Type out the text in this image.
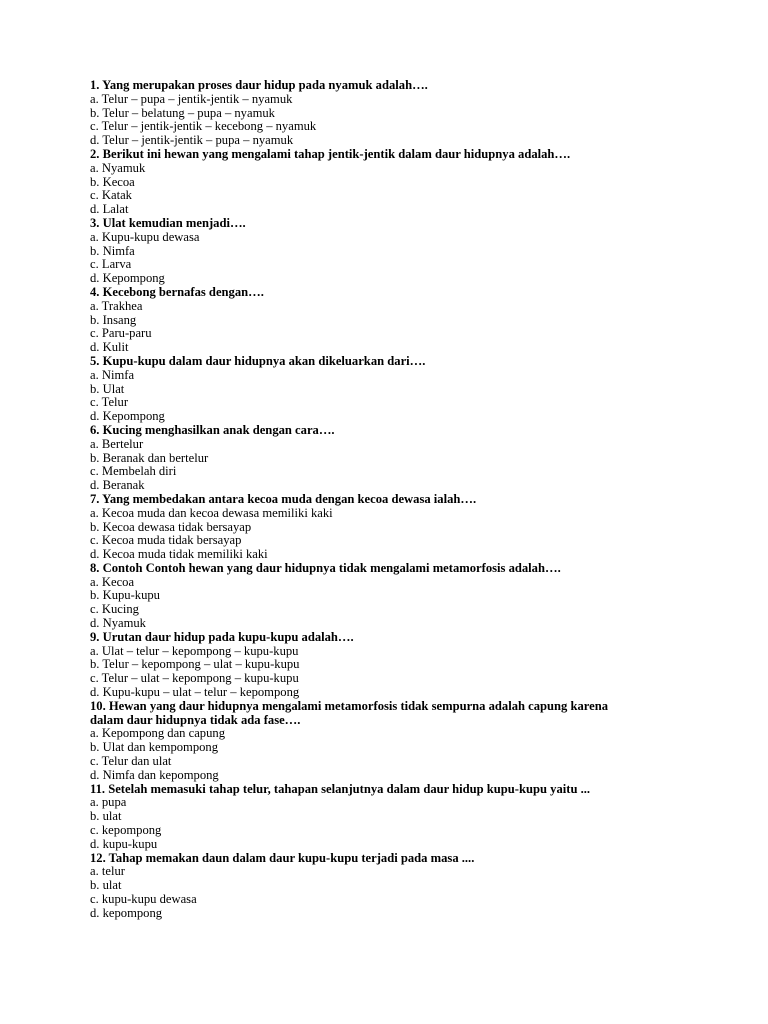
1. Yang merupakan proses daur hidup pada nyamuk adalah….
a. Telur – pupa – jentik-jentik – nyamuk
b. Telur – belatung – pupa – nyamuk
c. Telur – jentik-jentik – kecebong – nyamuk
d. Telur – jentik-jentik – pupa – nyamuk
2. Berikut ini hewan yang mengalami tahap jentik-jentik dalam daur hidupnya adalah….
a. Nyamuk
b. Kecoa
c. Katak
d. Lalat
3. Ulat kemudian menjadi….
a. Kupu-kupu dewasa
b. Nimfa
c. Larva
d. Kepompong
4. Kecebong bernafas dengan….
a. Trakhea
b. Insang
c. Paru-paru
d. Kulit
5. Kupu-kupu dalam daur hidupnya akan dikeluarkan dari….
a. Nimfa
b. Ulat
c. Telur
d. Kepompong
6. Kucing menghasilkan anak dengan cara….
a. Bertelur
b. Beranak dan bertelur
c. Membelah diri
d. Beranak
7. Yang membedakan antara kecoa muda dengan kecoa dewasa ialah….
a. Kecoa muda dan kecoa dewasa memiliki kaki
b. Kecoa dewasa tidak bersayap
c. Kecoa muda tidak bersayap
d. Kecoa muda tidak memiliki kaki
8. Contoh Contoh hewan yang daur hidupnya tidak mengalami metamorfosis adalah….
a. Kecoa
b. Kupu-kupu
c. Kucing
d. Nyamuk
9. Urutan daur hidup pada kupu-kupu adalah….
a. Ulat – telur – kepompong – kupu-kupu
b. Telur – kepompong – ulat – kupu-kupu
c. Telur – ulat – kepompong – kupu-kupu
d. Kupu-kupu – ulat – telur – kepompong
10. Hewan yang daur hidupnya mengalami metamorfosis tidak sempurna adalah capung karena
dalam daur hidupnya tidak ada fase….
a. Kepompong dan capung
b. Ulat dan kempompong
c. Telur dan ulat
d. Nimfa dan kepompong
11. Setelah memasuki tahap telur, tahapan selanjutnya dalam daur hidup kupu-kupu yaitu ...
a. pupa
b. ulat
c. kepompong
d. kupu-kupu
12. Tahap memakan daun dalam daur kupu-kupu terjadi pada masa ....
a. telur
b. ulat
c. kupu-kupu dewasa
d. kepompong
